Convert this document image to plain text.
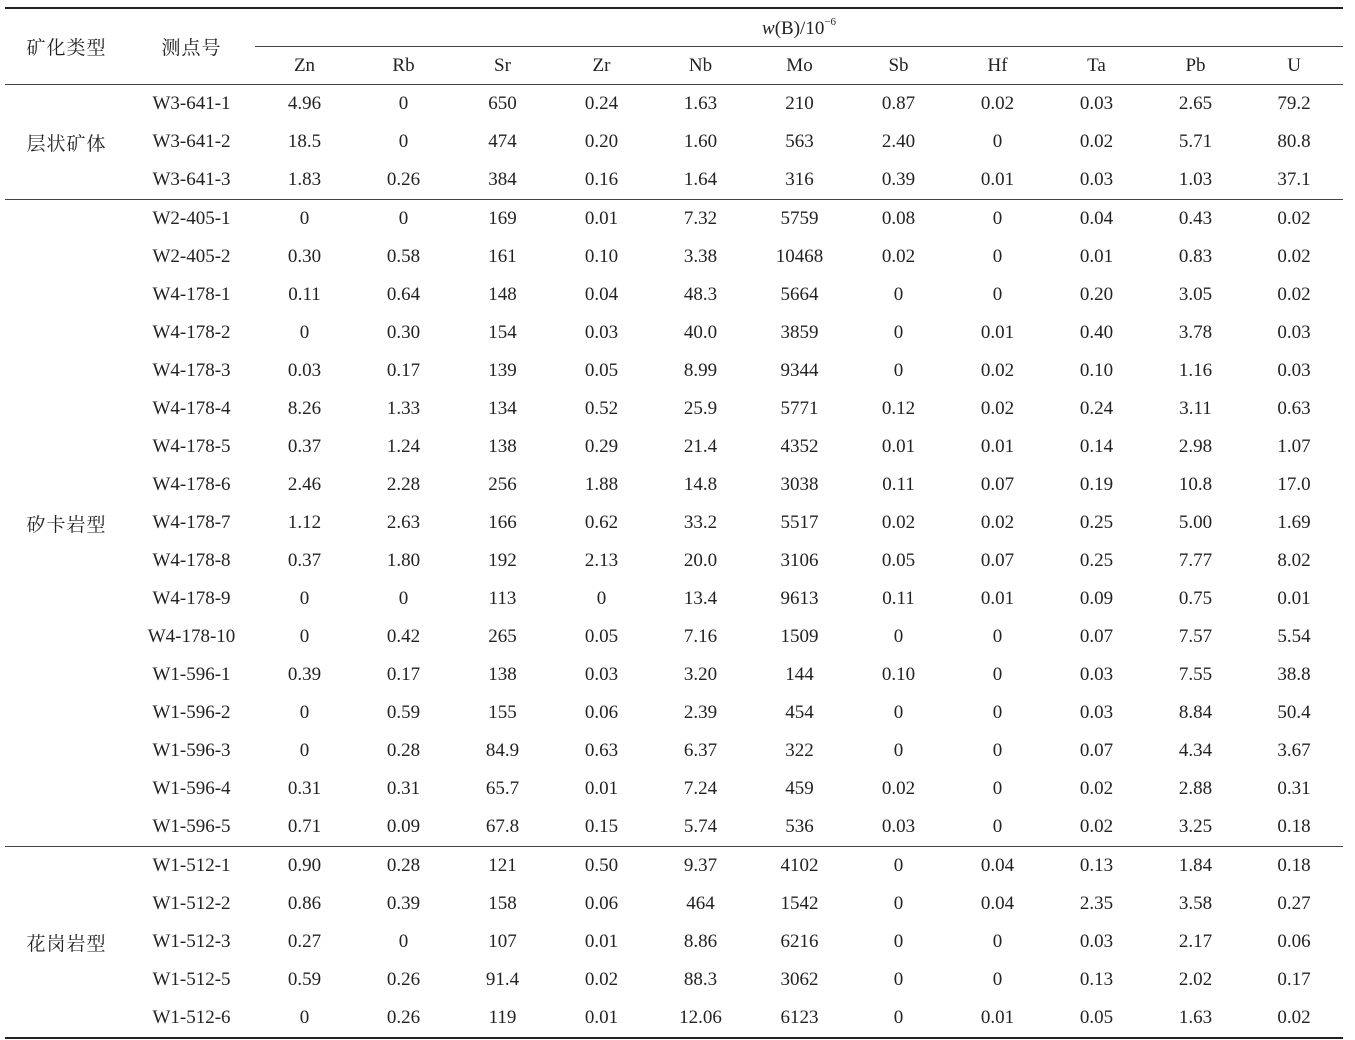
矿化类型	测点号	$w(B)/10^{-6}$
		Zn	Rb	Sr	Zr	Nb	Mo	Sb	Hf	Ta	Pb	U
层状矿体	W3-641-1	4.96	0	650	0.24	1.63	210	0.87	0.02	0.03	2.65	79.2
	W3-641-2	18.5	0	474	0.20	1.60	563	2.40	0	0.02	5.71	80.8
	W3-641-3	1.83	0.26	384	0.16	1.64	316	0.39	0.01	0.03	1.03	37.1
矽卡岩型	W2-405-1	0	0	169	0.01	7.32	5759	0.08	0	0.04	0.43	0.02
	W2-405-2	0.30	0.58	161	0.10	3.38	10468	0.02	0	0.01	0.83	0.02
	W4-178-1	0.11	0.64	148	0.04	48.3	5664	0	0	0.20	3.05	0.02
	W4-178-2	0	0.30	154	0.03	40.0	3859	0	0.01	0.40	3.78	0.03
	W4-178-3	0.03	0.17	139	0.05	8.99	9344	0	0.02	0.10	1.16	0.03
	W4-178-4	8.26	1.33	134	0.52	25.9	5771	0.12	0.02	0.24	3.11	0.63
	W4-178-5	0.37	1.24	138	0.29	21.4	4352	0.01	0.01	0.14	2.98	1.07
	W4-178-6	2.46	2.28	256	1.88	14.8	3038	0.11	0.07	0.19	10.8	17.0
	W4-178-7	1.12	2.63	166	0.62	33.2	5517	0.02	0.02	0.25	5.00	1.69
	W4-178-8	0.37	1.80	192	2.13	20.0	3106	0.05	0.07	0.25	7.77	8.02
	W4-178-9	0	0	113	0	13.4	9613	0.11	0.01	0.09	0.75	0.01
	W4-178-10	0	0.42	265	0.05	7.16	1509	0	0	0.07	7.57	5.54
	W1-596-1	0.39	0.17	138	0.03	3.20	144	0.10	0	0.03	7.55	38.8
	W1-596-2	0	0.59	155	0.06	2.39	454	0	0	0.03	8.84	50.4
	W1-596-3	0	0.28	84.9	0.63	6.37	322	0	0	0.07	4.34	3.67
	W1-596-4	0.31	0.31	65.7	0.01	7.24	459	0.02	0	0.02	2.88	0.31
	W1-596-5	0.71	0.09	67.8	0.15	5.74	536	0.03	0	0.02	3.25	0.18
花岗岩型	W1-512-1	0.90	0.28	121	0.50	9.37	4102	0	0.04	0.13	1.84	0.18
	W1-512-2	0.86	0.39	158	0.06	464	1542	0	0.04	2.35	3.58	0.27
	W1-512-3	0.27	0	107	0.01	8.86	6216	0	0	0.03	2.17	0.06
	W1-512-5	0.59	0.26	91.4	0.02	88.3	3062	0	0	0.13	2.02	0.17
	W1-512-6	0	0.26	119	0.01	12.06	6123	0	0.01	0.05	1.63	0.02
